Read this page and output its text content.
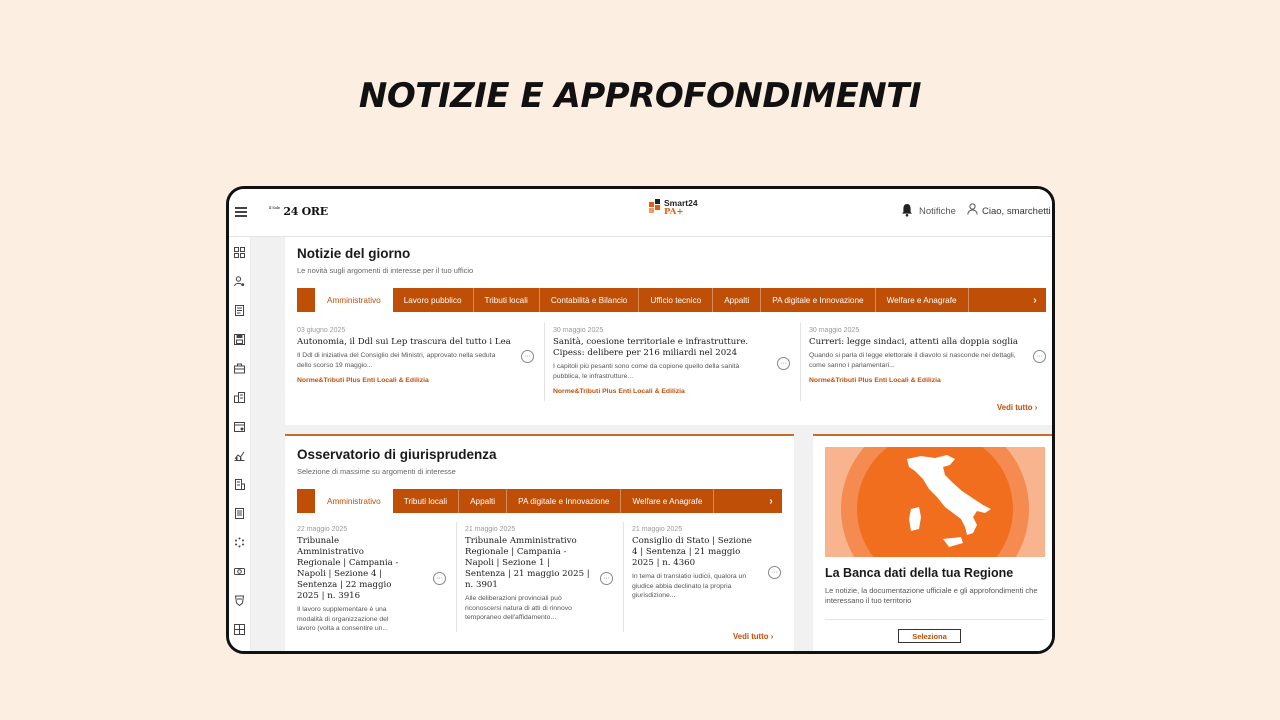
NOTIZIE E APPROFONDIMENTI
$^{Il Sole}$ 24 ORE
Smart24
PA+	Notifiche	Ciao, smarchetti
Notizie del giorno
Le novità sugli argomenti di interesse per il tuo ufficio
Amministrativo	Lavoro pubblico	Tributi locali	Contabilità e Bilancio	Ufficio tecnico	Appalti	PA digitale e Innovazione	Welfare e Anagrafe	›
03 giugno 2025
Autonomia, il Ddl sui Lep trascura del tutto i Lea
Il Ddl di iniziativa del Consiglio dei Ministri, approvato nella seduta dello scorso 19 maggio...
Norme&Tributi Plus Enti Locali & Edilizia
···
30 maggio 2025
Sanità, coesione territoriale e infrastrutture. Cipess: delibere per 216 miliardi nel 2024
I capitoli più pesanti sono come da copione quello della sanità pubblica, le infrastrutture...
Norme&Tributi Plus Enti Locali & Edilizia
···
30 maggio 2025
Curreri: legge sindaci, attenti alla doppia soglia
Quando si parla di legge elettorale il diavolo si nasconde nei dettagli, come sanno i parlamentari...
Norme&Tributi Plus Enti Locali & Edilizia
···
Vedi tutto ›
Osservatorio di giurisprudenza
Selezione di massime su argomenti di interesse
Amministrativo	Tributi locali	Appalti	PA digitale e Innovazione	Welfare e Anagrafe	›
22 maggio 2025
Tribunale Amministrativo Regionale | Campania - Napoli | Sezione 4 | Sentenza | 22 maggio 2025 | n. 3916
Il lavoro supplementare è una modalità di organizzazione del lavoro (volta a consentire un...
···
21 maggio 2025
Tribunale Amministrativo Regionale | Campania - Napoli | Sezione 1 | Sentenza | 21 maggio 2025 | n. 3901
Alle deliberazioni provinciali può riconoscersi natura di atti di rinnovo temporaneo dell'affidamento...
···
21 maggio 2025
Consiglio di Stato | Sezione 4 | Sentenza | 21 maggio 2025 | n. 4360
In tema di translatio iudicii, qualora un giudice abbia declinato la propria giurisdizione...
···
Vedi tutto ›
La Banca dati della tua Regione
Le notizie, la documentazione ufficiale e gli approfondimenti che interessano il tuo territorio
Seleziona
